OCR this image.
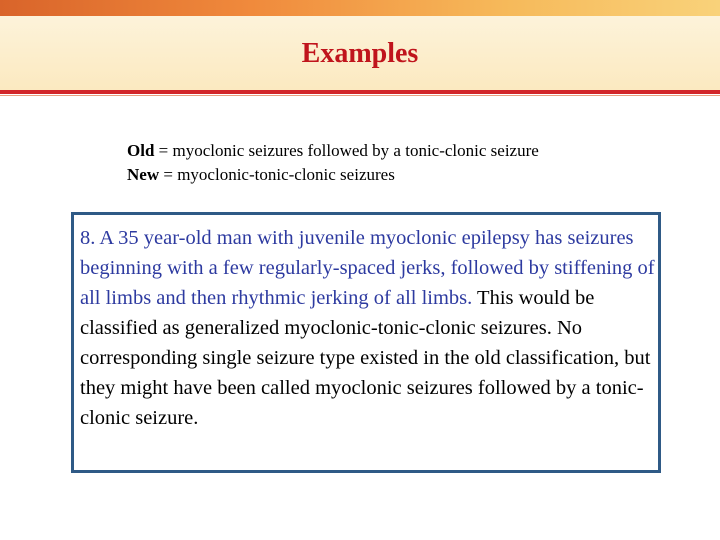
Examples
Old = myoclonic seizures followed by a tonic-clonic seizure
New = myoclonic-tonic-clonic seizures

8. A 35 year-old man with juvenile myoclonic epilepsy has seizures beginning with a few regularly-spaced jerks, followed by stiffening of all limbs and then rhythmic jerking of all limbs. This would be classified as generalized myoclonic-tonic-clonic seizures. No corresponding single seizure type existed in the old classification, but they might have been called myoclonic seizures followed by a tonic-clonic seizure.
